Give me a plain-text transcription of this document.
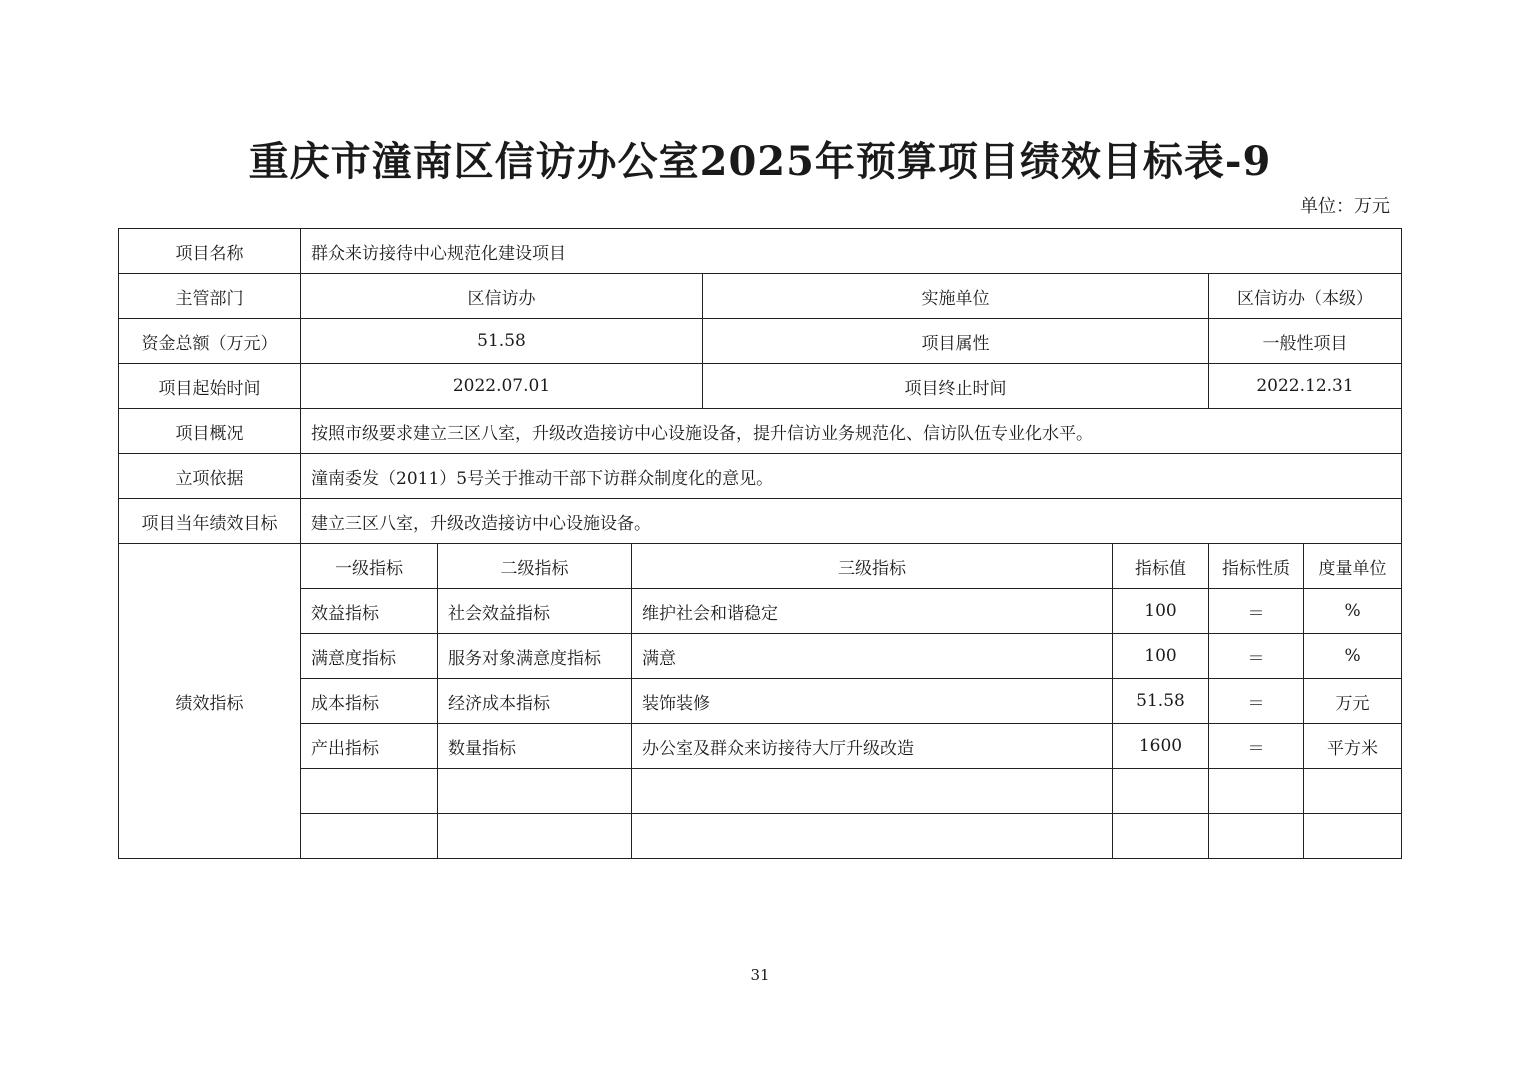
重庆市潼南区信访办公室2025年预算项目绩效目标表-9
单位：万元
项目名称	群众来访接待中心规范化建设项目						
主管部门	区信访办			实施单位		区信访办（本级）	
资金总额（万元）	51.58			项目属性		一般性项目	
项目起始时间	2022.07.01			项目终止时间		2022.12.31	
项目概况	按照市级要求建立三区八室，升级改造接访中心设施设备，提升信访业务规范化、信访队伍专业化水平。						
立项依据	潼南委发（2011）5号关于推动干部下访群众制度化的意见。						
项目当年绩效目标	建立三区八室，升级改造接访中心设施设备。						
绩效指标	一级指标	二级指标	三级指标		指标值	指标性质	度量单位
	效益指标	社会效益指标	维护社会和谐稳定		100	＝	%
	满意度指标	服务对象满意度指标	满意		100	＝	%
	成本指标	经济成本指标	装饰装修		51.58	＝	万元
	产出指标	数量指标	办公室及群众来访接待大厅升级改造		1600	＝	平方米

31
